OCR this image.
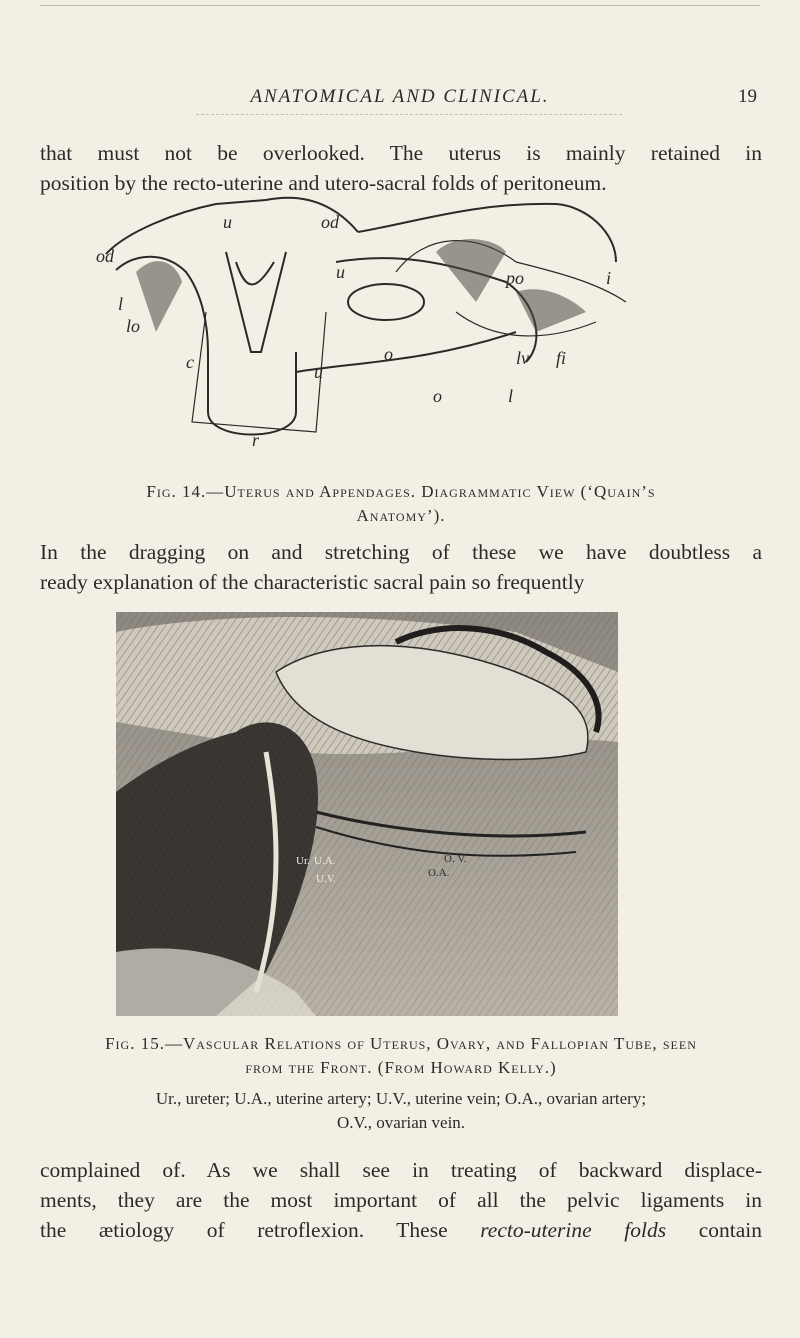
ANATOMICAL AND CLINICAL.	19
that must not be overlooked. The uterus is mainly retained in
position by the recto-uterine and utero-sacral folds of peritoneum.
od
u
l
lo
c
od
u	po	i
o
u
lv fi
o	l
r
Fig. 14.—Uterus and Appendages. Diagrammatic View (‘Quain’s
Anatomy’).
In the dragging on and stretching of these we have doubtless a
ready explanation of the characteristic sacral pain so frequently
Ur. U.A.
U.V.
O. V.
O.A.
Fig. 15.—Vascular Relations of Uterus, Ovary, and Fallopian Tube, seen
from the Front. (From Howard Kelly.)
Ur., ureter; U.A., uterine artery; U.V., uterine vein; O.A., ovarian artery;
O.V., ovarian vein.
complained of. As we shall see in treating of backward displace-
ments, they are the most important of all the pelvic ligaments in
the ætiology of retroflexion. These recto-uterine folds contain
